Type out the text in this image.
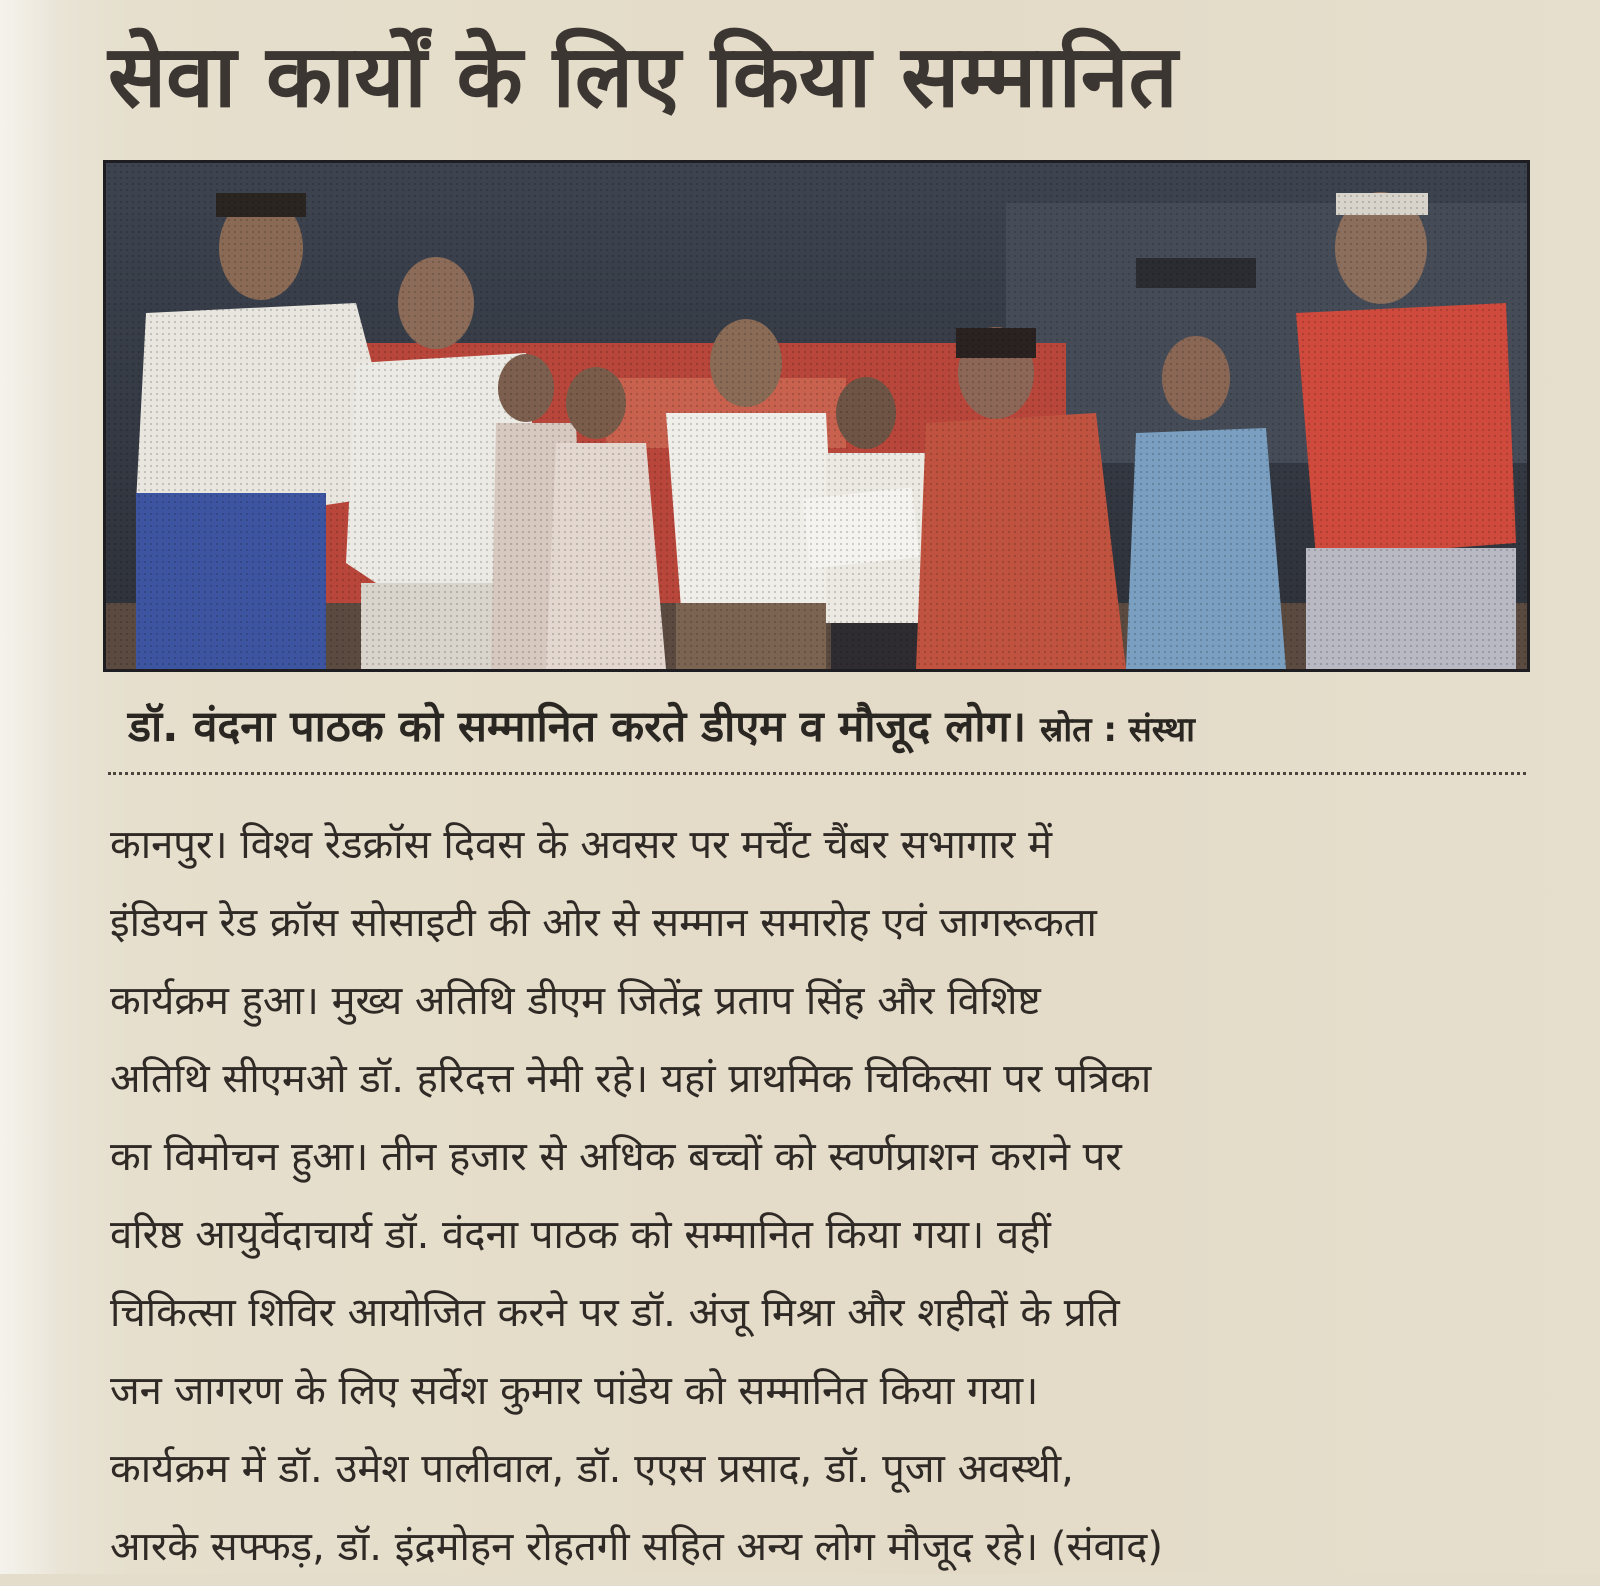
सेवा कार्यों के लिए किया सम्मानित
डॉ. वंदना पाठक को सम्मानित करते डीएम व मौजूद लोग। स्रोत : संस्था
कानपुर। विश्व रेडक्रॉस दिवस के अवसर पर मर्चेंट चैंबर सभागार में
इंडियन रेड क्रॉस सोसाइटी की ओर से सम्मान समारोह एवं जागरूकता
कार्यक्रम हुआ। मुख्य अतिथि डीएम जितेंद्र प्रताप सिंह और विशिष्ट
अतिथि सीएमओ डॉ. हरिदत्त नेमी रहे। यहां प्राथमिक चिकित्सा पर पत्रिका
का विमोचन हुआ। तीन हजार से अधिक बच्चों को स्वर्णप्राशन कराने पर
वरिष्ठ आयुर्वेदाचार्य डॉ. वंदना पाठक को सम्मानित किया गया। वहीं
चिकित्सा शिविर आयोजित करने पर डॉ. अंजू मिश्रा और शहीदों के प्रति
जन जागरण के लिए सर्वेश कुमार पांडेय को सम्मानित किया गया।
कार्यक्रम में डॉ. उमेश पालीवाल, डॉ. एएस प्रसाद, डॉ. पूजा अवस्थी,
आरके सफ्फड़, डॉ. इंद्रमोहन रोहतगी सहित अन्य लोग मौजूद रहे। (संवाद)
